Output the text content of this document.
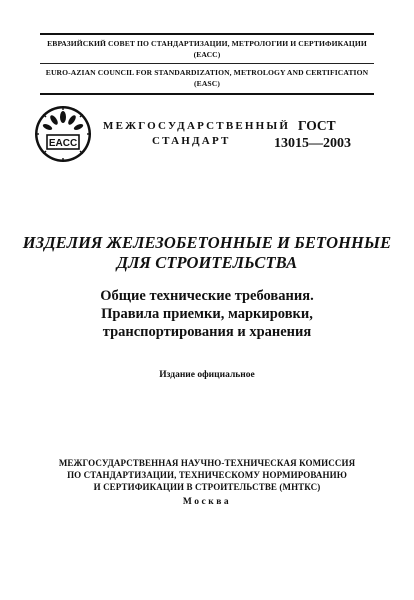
ЕВРАЗИЙСКИЙ СОВЕТ ПО СТАНДАРТИЗАЦИИ, МЕТРОЛОГИИ И СЕРТИФИКАЦИИ
(ЕАСС)
EURO-AZIAN COUNCIL FOR STANDARDIZATION, METROLOGY AND CERTIFICATION
(EASC)
EACC
МЕЖГОСУДАРСТВЕННЫЙ
СТАНДАРТ
ГОСТ
13015—2003
ИЗДЕЛИЯ ЖЕЛЕЗОБЕТОННЫЕ И БЕТОННЫЕ
ДЛЯ СТРОИТЕЛЬСТВА
Общие технические требования.
Правила приемки, маркировки,
транспортирования и хранения
Издание официальное
МЕЖГОСУДАРСТВЕННАЯ НАУЧНО-ТЕХНИЧЕСКАЯ КОМИССИЯ
ПО СТАНДАРТИЗАЦИИ, ТЕХНИЧЕСКОМУ НОРМИРОВАНИЮ
И СЕРТИФИКАЦИИ В СТРОИТЕЛЬСТВЕ (МНТКС)
Москва
